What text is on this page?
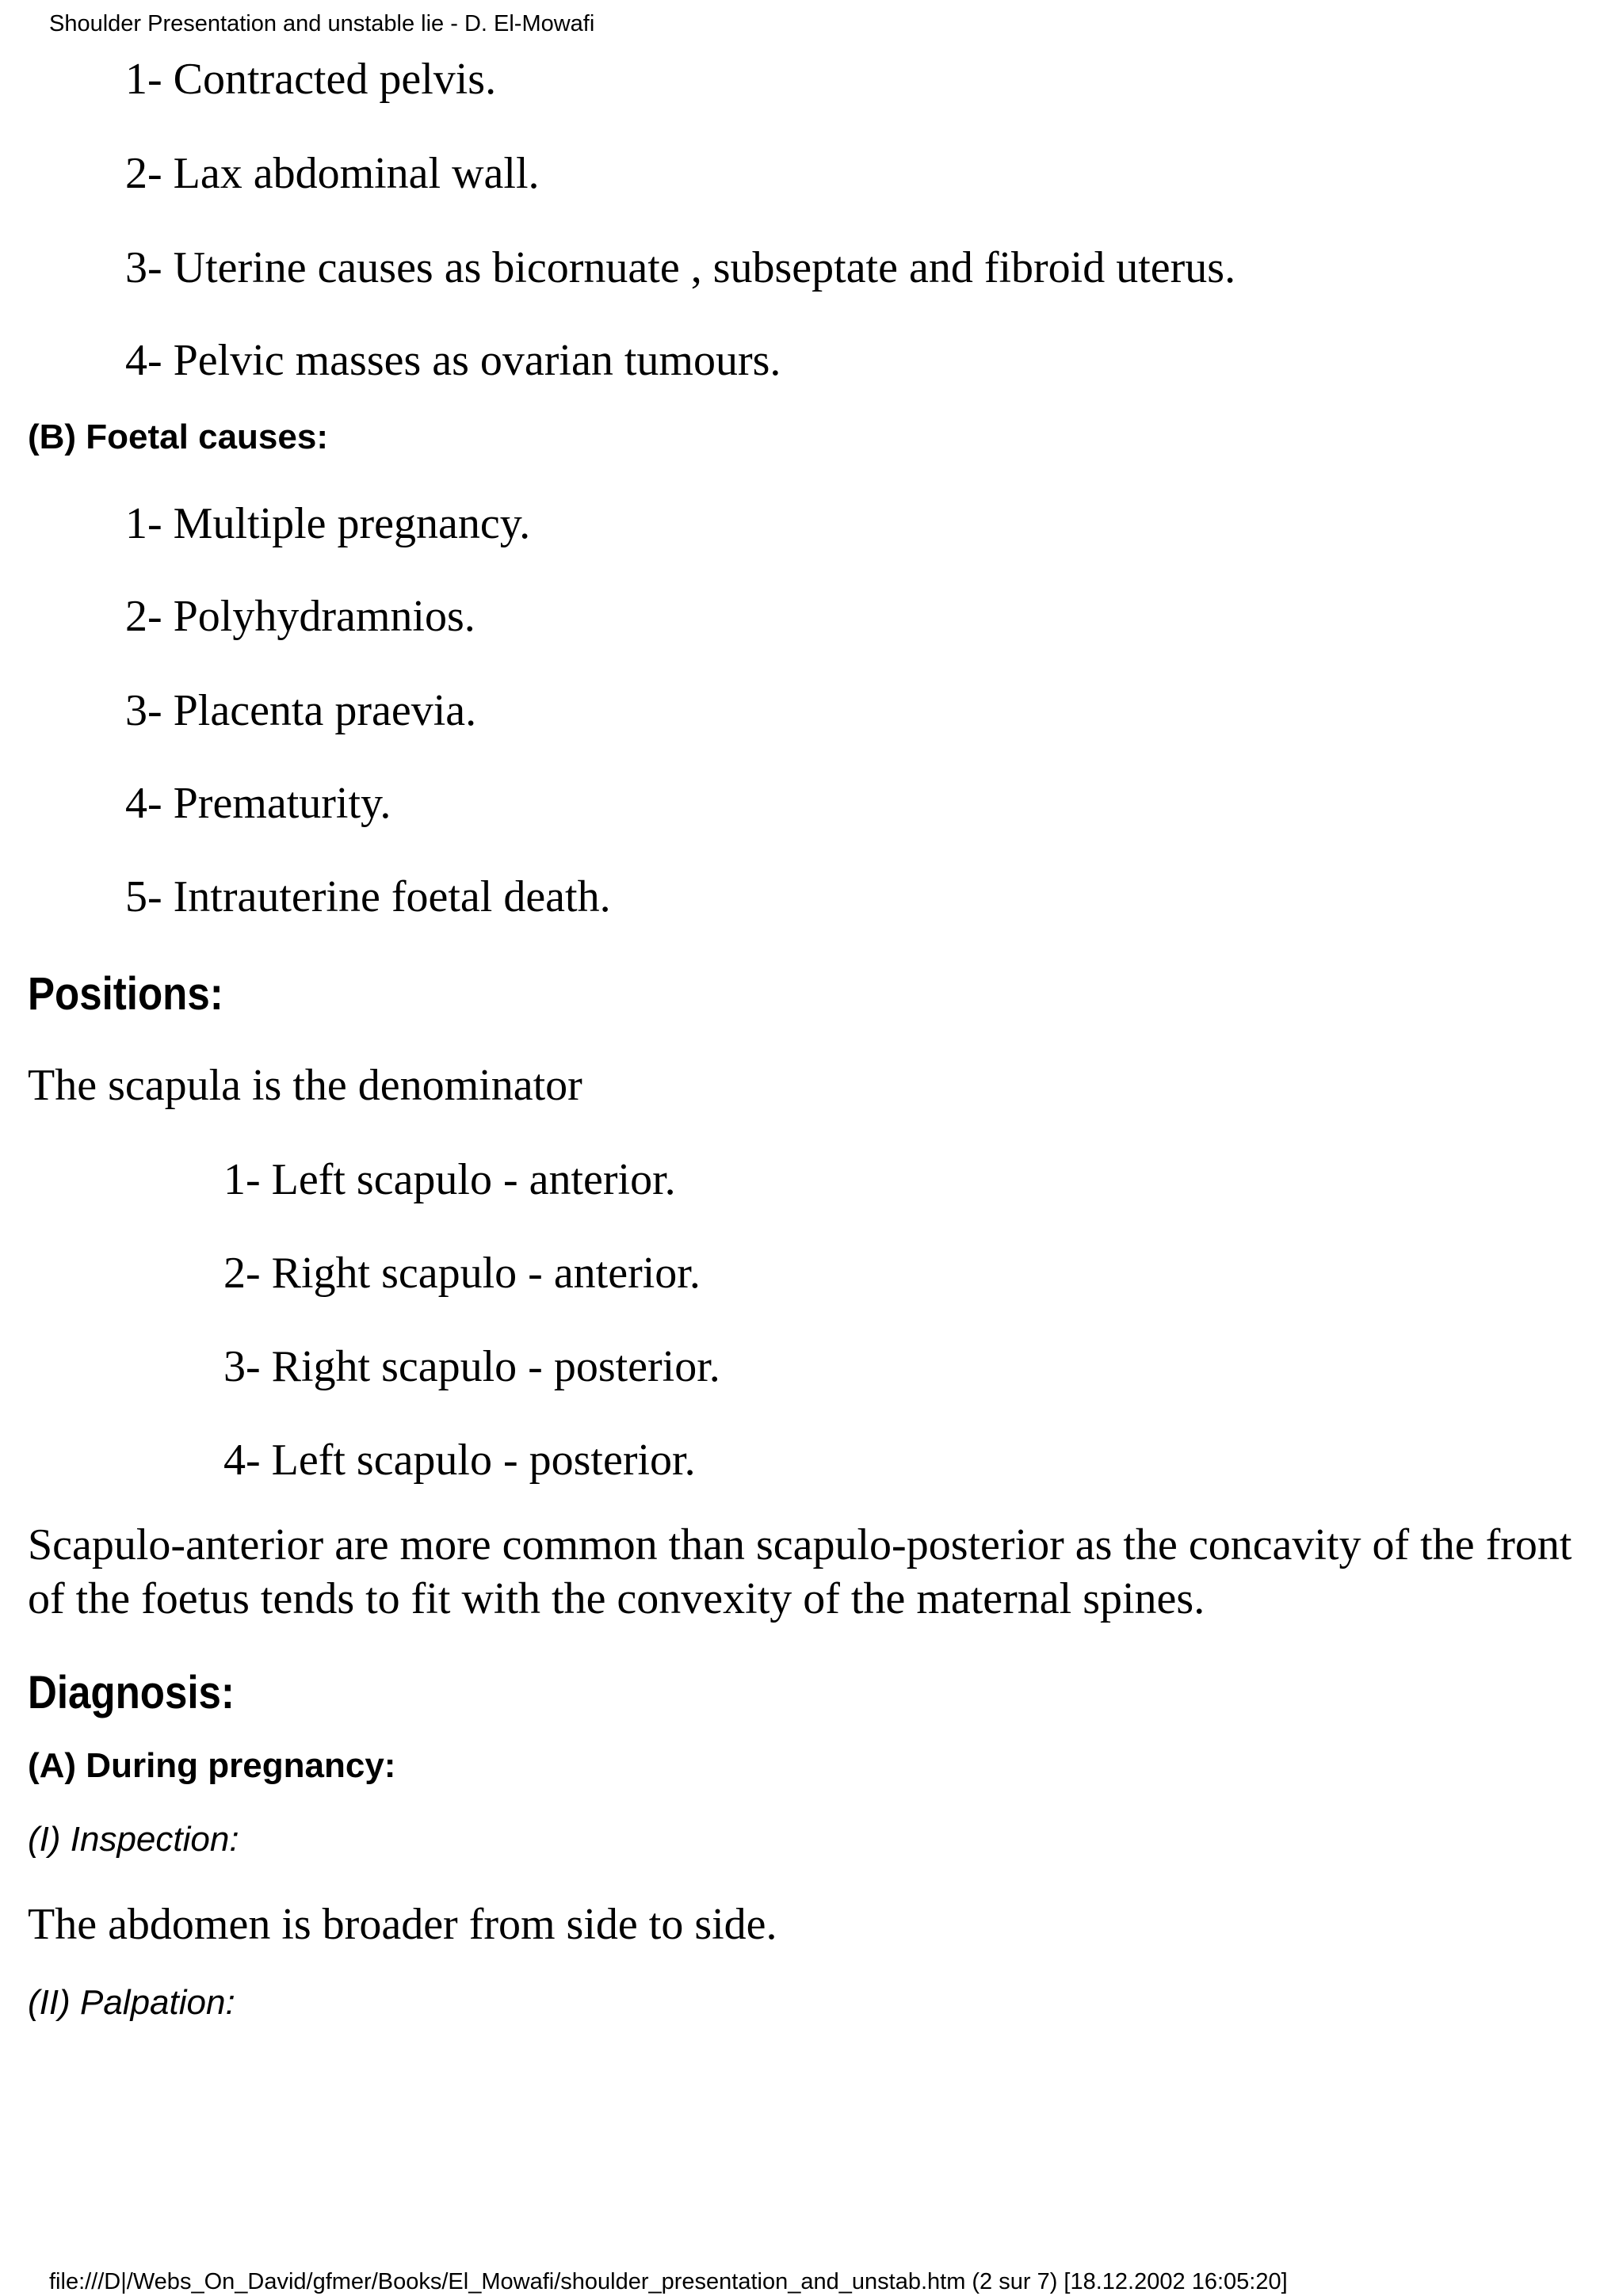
Shoulder Presentation and unstable lie - D. El-Mowafi
1- Contracted pelvis.
2- Lax abdominal wall.
3- Uterine causes as bicornuate , subseptate and fibroid uterus.
4- Pelvic masses as ovarian tumours.
(B) Foetal causes:
1- Multiple pregnancy.
2- Polyhydramnios.
3- Placenta praevia.
4- Prematurity.
5- Intrauterine foetal death.
Positions:
The scapula is the denominator
1- Left scapulo - anterior.
2- Right scapulo - anterior.
3- Right scapulo - posterior.
4- Left scapulo - posterior.
Scapulo-anterior are more common than scapulo-posterior as the concavity of the front of the foetus tends to fit with the convexity of the maternal spines.
Diagnosis:
(A) During pregnancy:
(I) Inspection:
The abdomen is broader from side to side.
(II) Palpation:
file:///D|/Webs_On_David/gfmer/Books/El_Mowafi/shoulder_presentation_and_unstab.htm (2 sur 7) [18.12.2002 16:05:20]
